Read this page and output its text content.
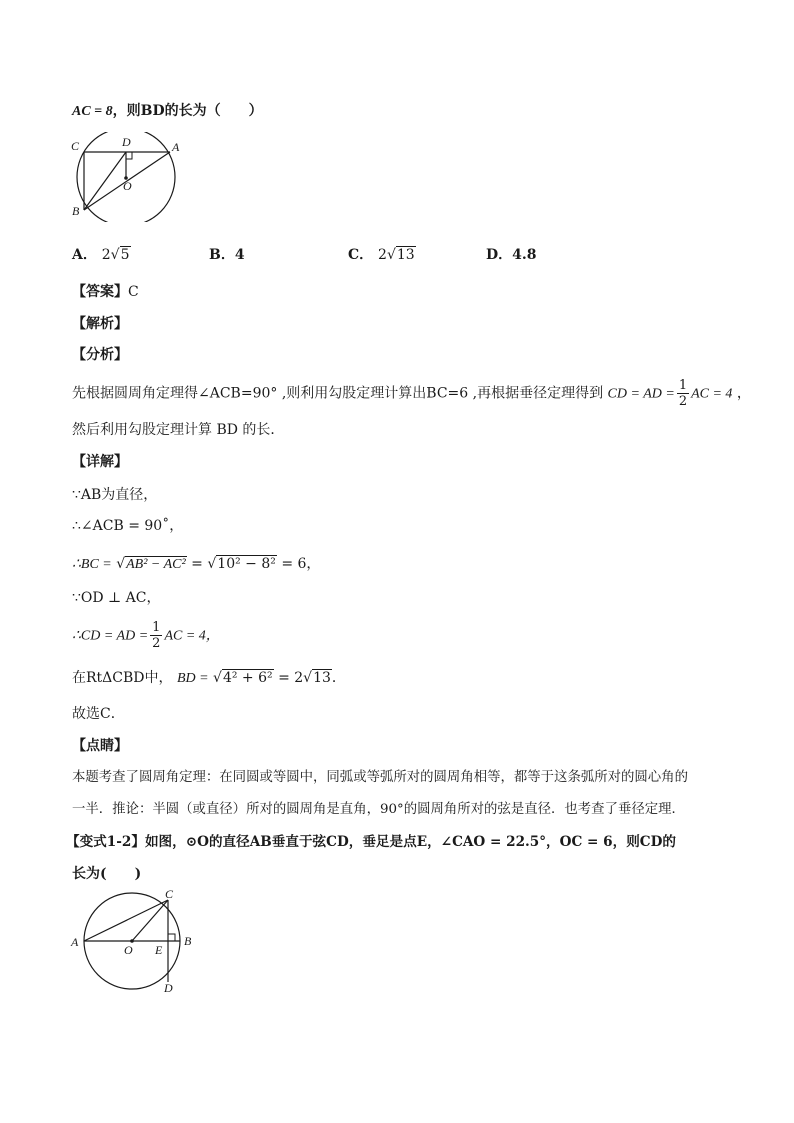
AC = 8，则BD的长为（　　）
C	D	A
O
B
A． 2√5	B．4	C． 2√13	D．4.8
【答案】C
【解析】
【分析】
先根据圆周角定理得∠ACB=90° ,则利用勾股定理计算出BC=6 ,再根据垂径定理得到 CD = AD = $\frac{1}{2}$ AC = 4 ，
然后利用勾股定理计算 BD 的长．
【详解】
∵AB为直径，
∴∠ACB = 90˚，
∴BC = √AB² − AC² = √10² − 8² = 6，
∵OD ⊥ AC，
∴CD = AD = $\frac{1}{2}$ AC = 4，
在RtΔCBD中， BD = √4² + 6² = 2√13．
故选C．
【点睛】
本题考查了圆周角定理：在同圆或等圆中，同弧或等弧所对的圆周角相等，都等于这条弧所对的圆心角的
一半．推论：半圆（或直径）所对的圆周角是直角，90°的圆周角所对的弦是直径．也考查了垂径定理．
【变式1-2】如图，⊙O的直径AB垂直于弦CD，垂足是点E，∠CAO = 22.5°，OC = 6，则CD的
长为(　　)
A
C
B
O E
D
